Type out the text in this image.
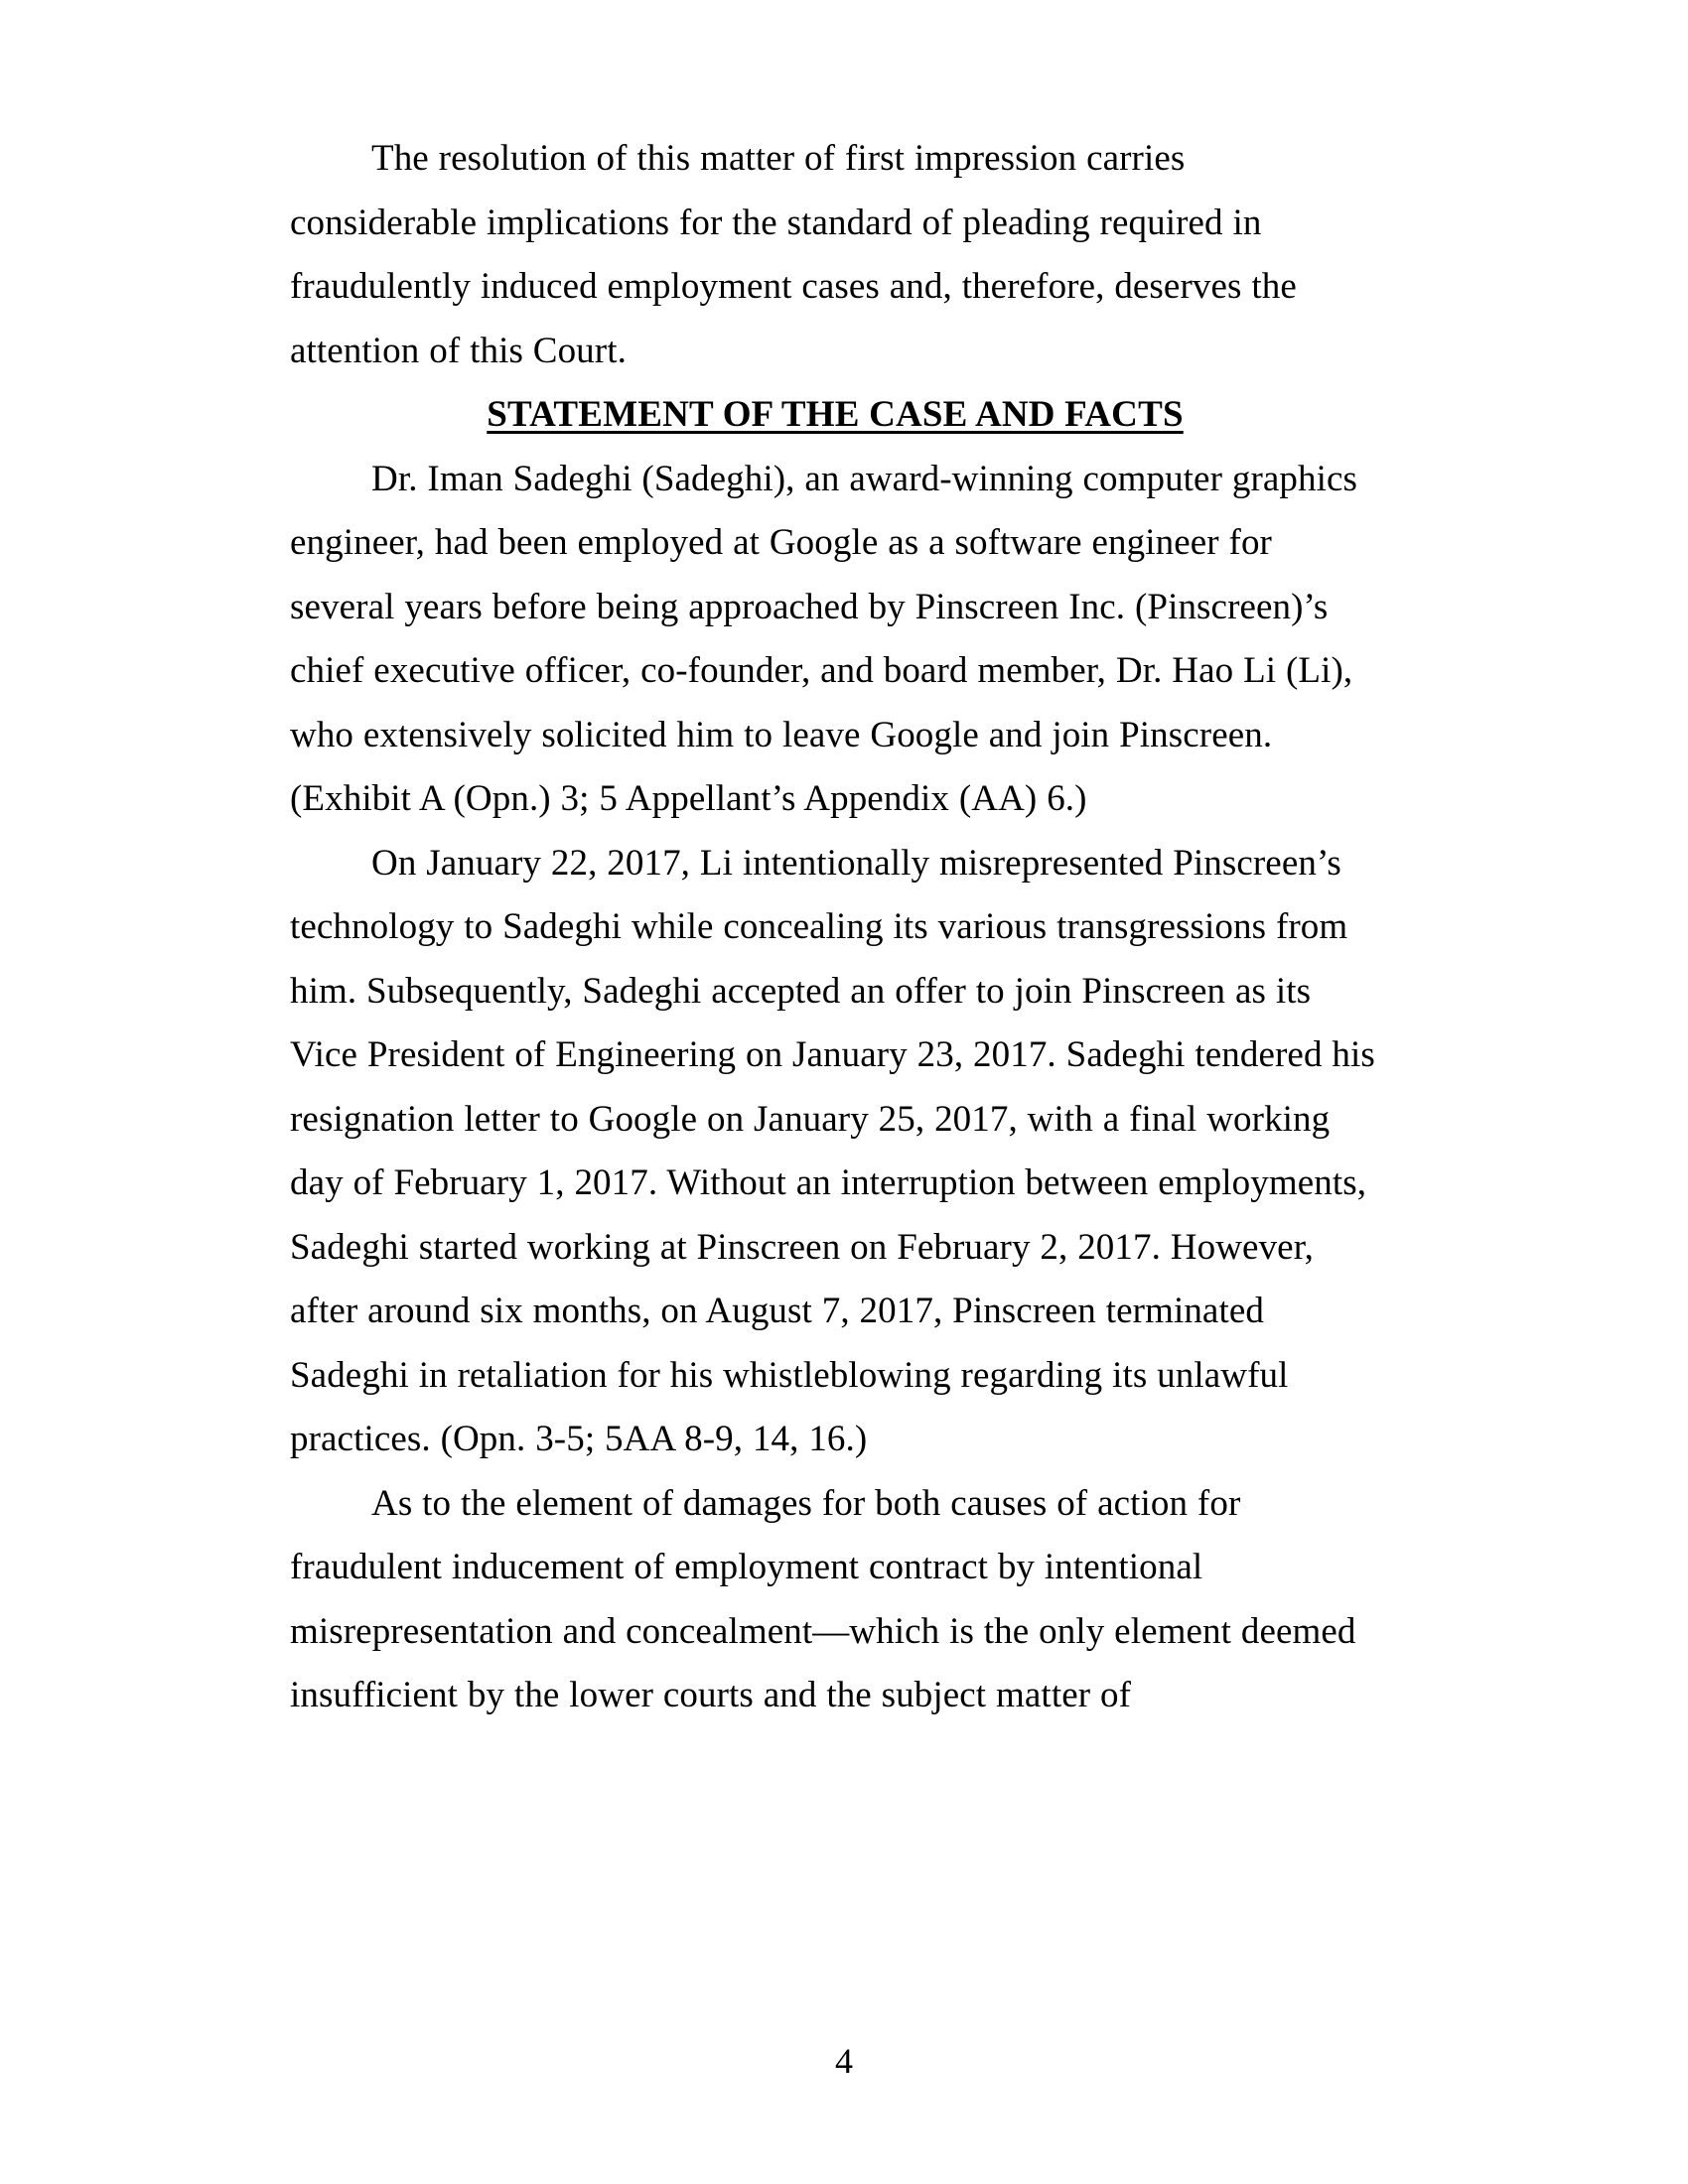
The resolution of this matter of first impression carries considerable implications for the standard of pleading required in fraudulently induced employment cases and, therefore, deserves the attention of this Court.

STATEMENT OF THE CASE AND FACTS

Dr. Iman Sadeghi (Sadeghi), an award-winning computer graphics engineer, had been employed at Google as a software engineer for several years before being approached by Pinscreen Inc. (Pinscreen)’s chief executive officer, co-founder, and board member, Dr. Hao Li (Li), who extensively solicited him to leave Google and join Pinscreen. (Exhibit A (Opn.) 3; 5 Appellant’s Appendix (AA) 6.)

On January 22, 2017, Li intentionally misrepresented Pinscreen’s technology to Sadeghi while concealing its various transgressions from him. Subsequently, Sadeghi accepted an offer to join Pinscreen as its Vice President of Engineering on January 23, 2017. Sadeghi tendered his resignation letter to Google on January 25, 2017, with a final working day of February 1, 2017. Without an interruption between employments, Sadeghi started working at Pinscreen on February 2, 2017. However, after around six months, on August 7, 2017, Pinscreen terminated Sadeghi in retaliation for his whistleblowing regarding its unlawful practices. (Opn. 3-5; 5AA 8-9, 14, 16.)

As to the element of damages for both causes of action for fraudulent inducement of employment contract by intentional misrepresentation and concealment—which is the only element deemed insufficient by the lower courts and the subject matter of

4
